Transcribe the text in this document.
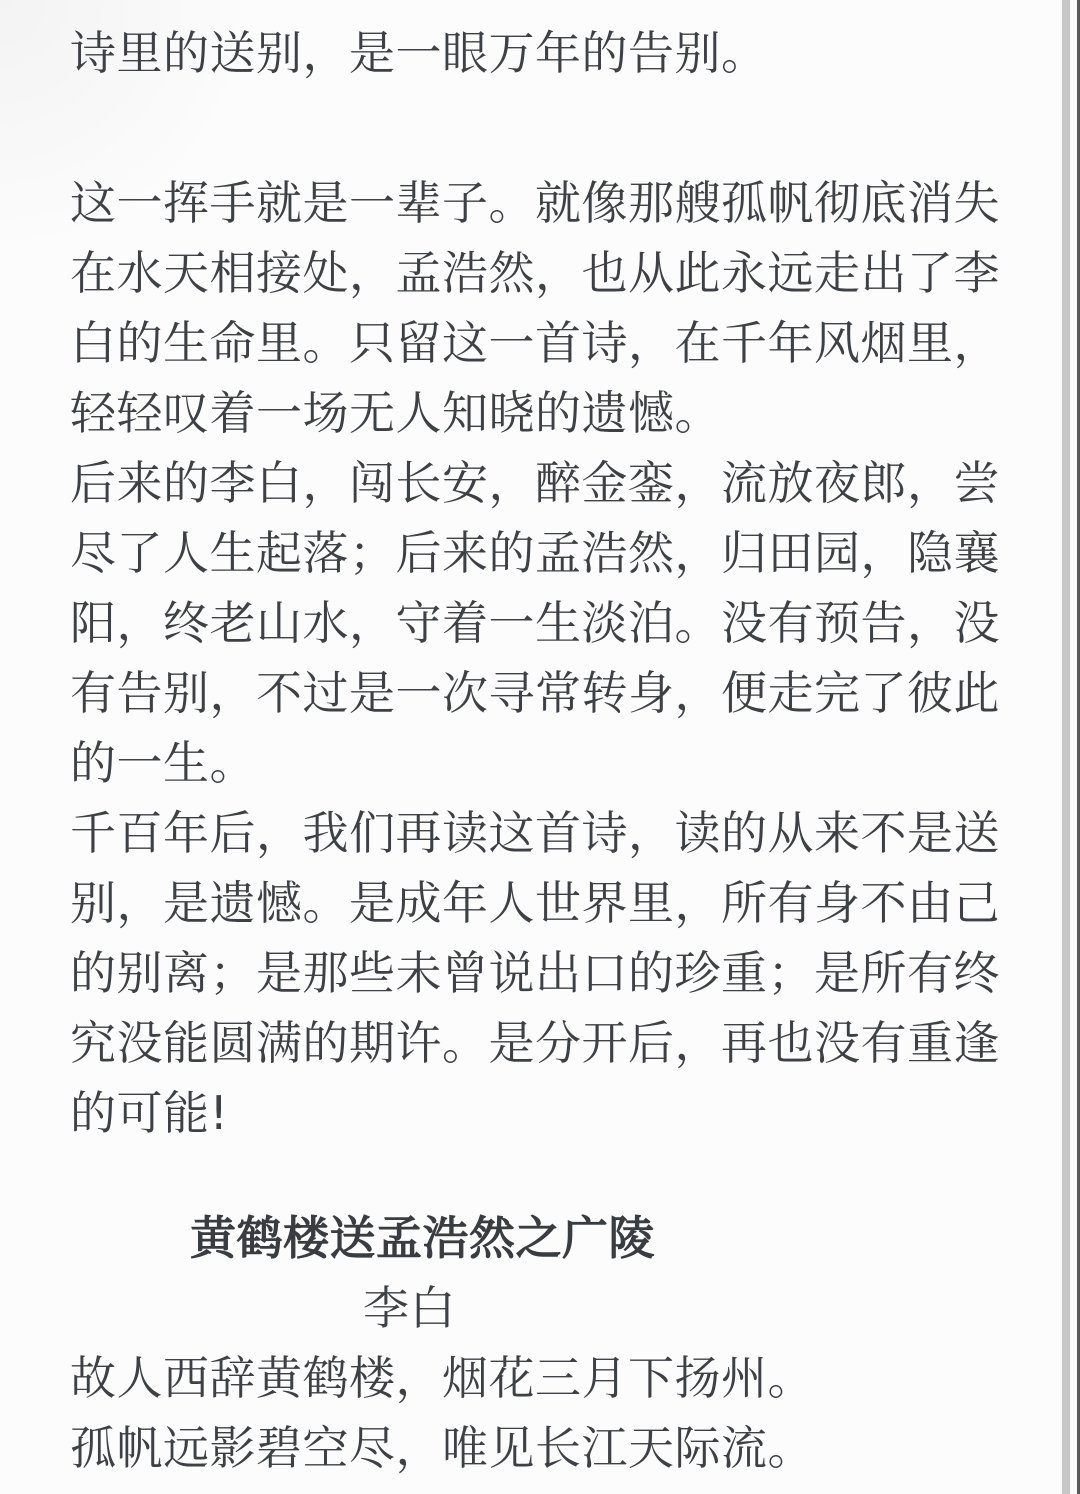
诗里的送别，是一眼万年的告别。
这一挥手就是一辈子。就像那艘孤帆彻底消失
在水天相接处，孟浩然，也从此永远走出了李
白的生命里。只留这一首诗，在千年风烟里，
轻轻叹着一场无人知晓的遗憾。
后来的李白，闯长安，醉金銮，流放夜郎，尝
尽了人生起落；后来的孟浩然，归田园，隐襄
阳，终老山水，守着一生淡泊。没有预告，没
有告别，不过是一次寻常转身，便走完了彼此
的一生。
千百年后，我们再读这首诗，读的从来不是送
别，是遗憾。是成年人世界里，所有身不由己
的别离；是那些未曾说出口的珍重；是所有终
究没能圆满的期许。是分开后，再也没有重逢
的可能!
黄鹤楼送孟浩然之广陵
李白
故人西辞黄鹤楼，烟花三月下扬州。
孤帆远影碧空尽，唯见长江天际流。
